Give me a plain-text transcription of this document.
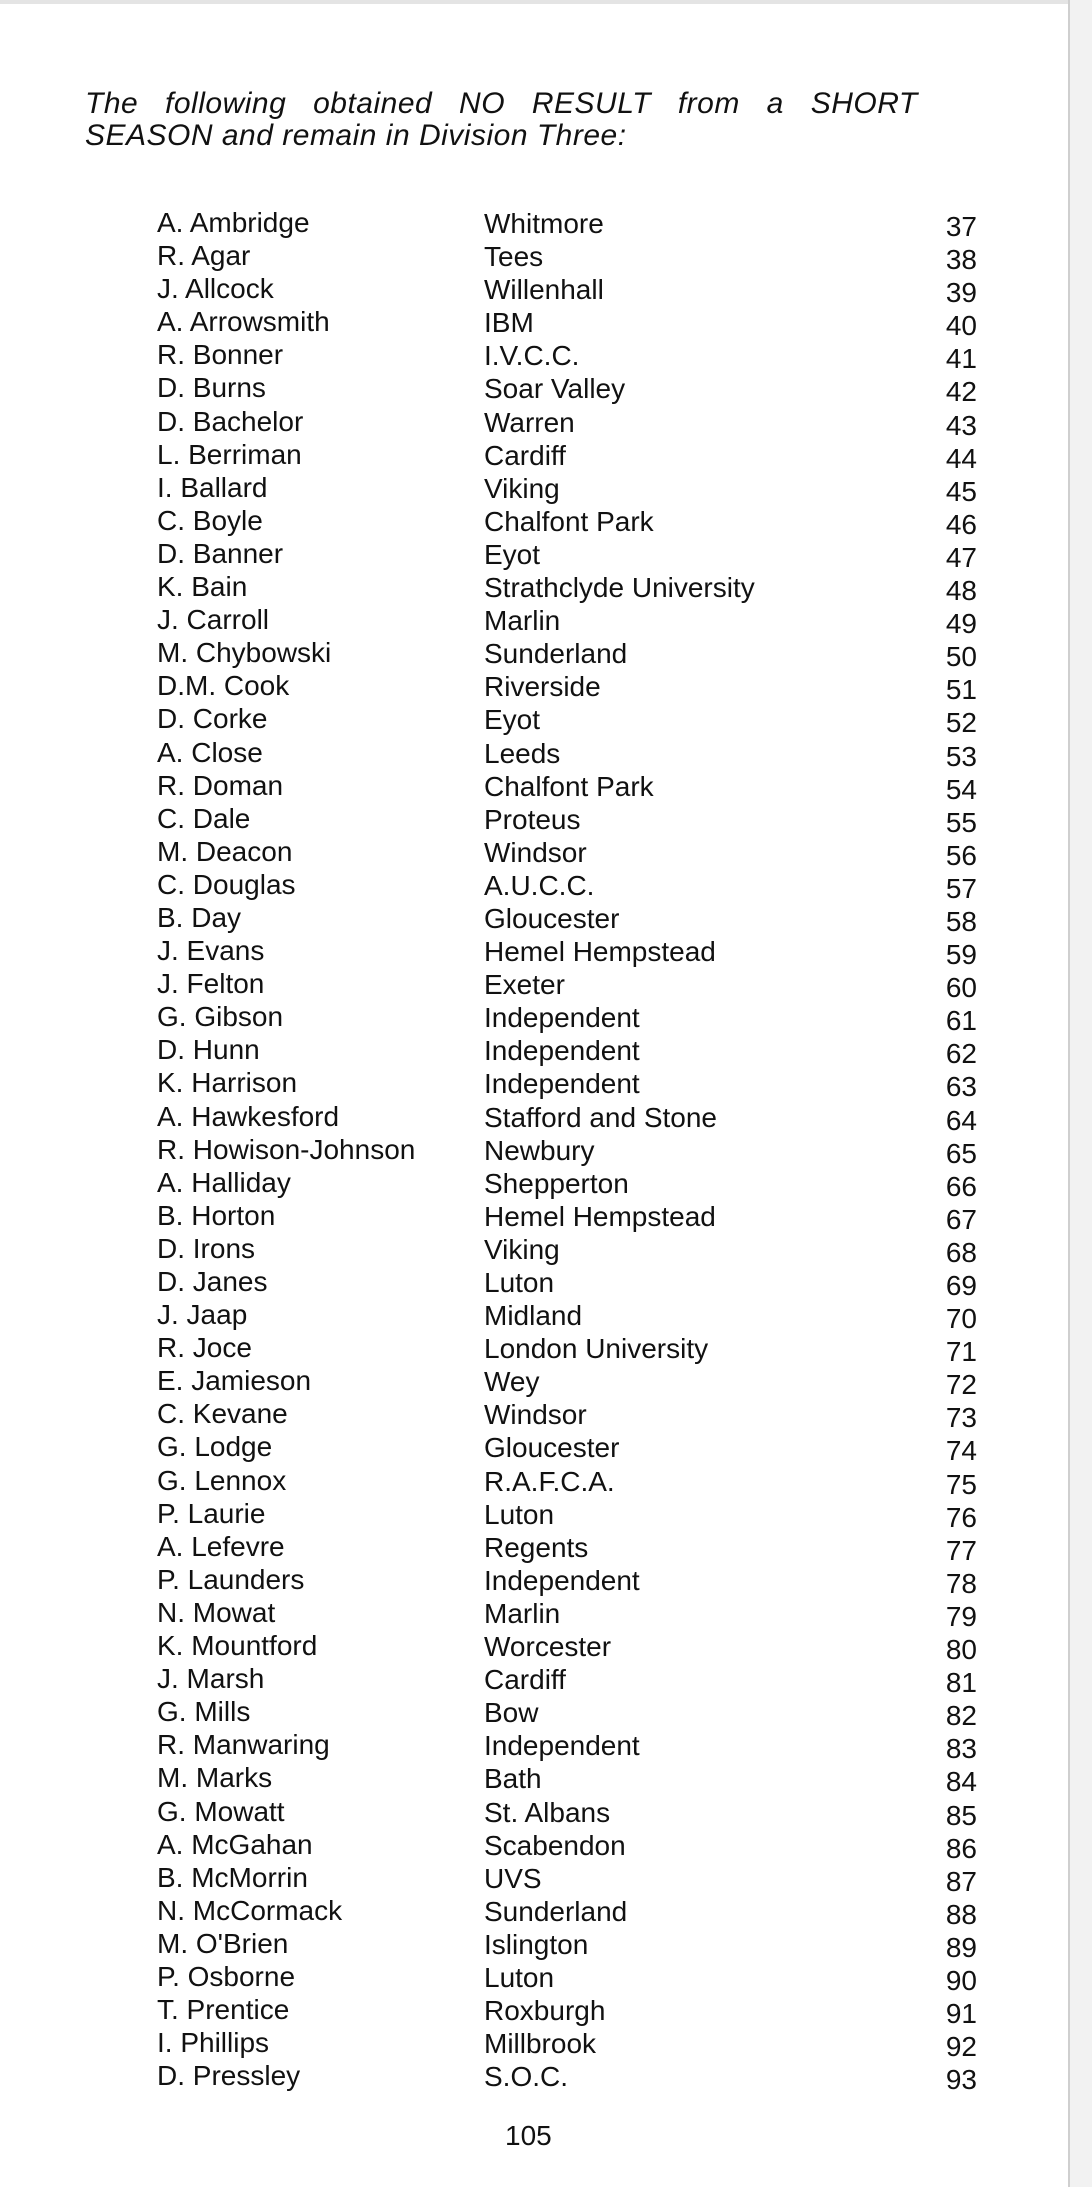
The following obtained NO RESULT from a SHORT
SEASON and remain in Division Three:
A. Ambridge	Whitmore	37
R. Agar	Tees	38
J. Allcock	Willenhall	39
A. Arrowsmith	IBM	40
R. Bonner	I.V.C.C.	41
D. Burns	Soar Valley	42
D. Bachelor	Warren	43
L. Berriman	Cardiff	44
I. Ballard	Viking	45
C. Boyle	Chalfont Park	46
D. Banner	Eyot	47
K. Bain	Strathclyde University	48
J. Carroll	Marlin	49
M. Chybowski	Sunderland	50
D.M. Cook	Riverside	51
D. Corke	Eyot	52
A. Close	Leeds	53
R. Doman	Chalfont Park	54
C. Dale	Proteus	55
M. Deacon	Windsor	56
C. Douglas	A.U.C.C.	57
B. Day	Gloucester	58
J. Evans	Hemel Hempstead	59
J. Felton	Exeter	60
G. Gibson	Independent	61
D. Hunn	Independent	62
K. Harrison	Independent	63
A. Hawkesford	Stafford and Stone	64
R. Howison-Johnson Newbury	65
A. Halliday	Shepperton	66
B. Horton	Hemel Hempstead	67
D. Irons	Viking	68
D. Janes	Luton	69
J. Jaap	Midland	70
R. Joce	London University	71
E. Jamieson	Wey	72
C. Kevane	Windsor	73
G. Lodge	Gloucester	74
G. Lennox	R.A.F.C.A.	75
P. Laurie	Luton	76
A. Lefevre	Regents	77
P. Launders	Independent	78
N. Mowat	Marlin	79
K. Mountford	Worcester	80
J. Marsh	Cardiff	81
G. Mills	Bow	82
R. Manwaring	Independent	83
M. Marks	Bath	84
G. Mowatt	St. Albans	85
A. McGahan	Scabendon	86
B. McMorrin	UVS	87
N. McCormack	Sunderland	88
M. O'Brien	Islington	89
P. Osborne	Luton	90
T. Prentice	Roxburgh	91
I. Phillips	Millbrook	92
D. Pressley	S.O.C.	93
105
